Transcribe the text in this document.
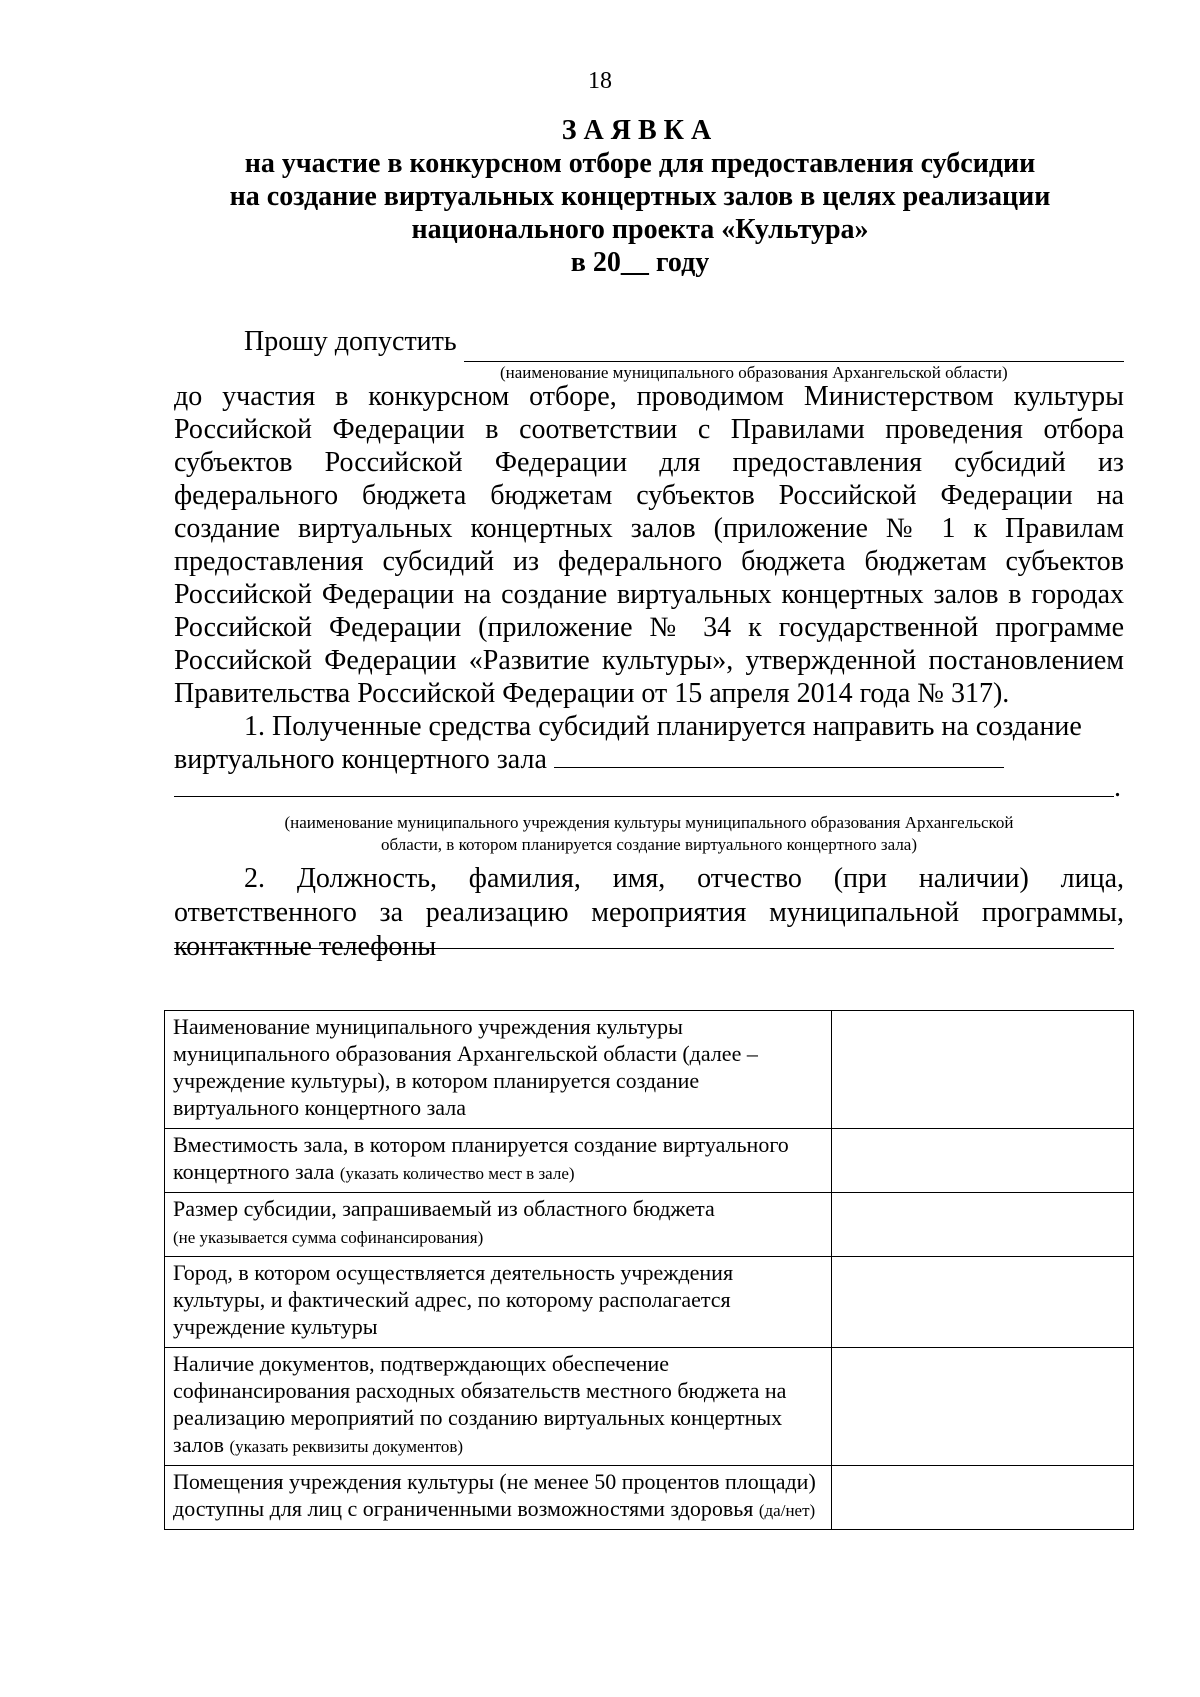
18
ЗАЯВКА
на участие в конкурсном отборе для предоставления субсидии
на создание виртуальных концертных залов в целях реализации
национального проекта «Культура»
в 20__ году
Прошу допустить
(наименование муниципального образования Архангельской области)

до участия в конкурсном отборе, проводимом Министерством культуры Российской Федерации в соответствии с Правилами проведения отбора субъектов Российской Федерации для предоставления субсидий из федерального бюджета бюджетам субъектов Российской Федерации на создание виртуальных концертных залов (приложение № 1 к Правилам предоставления субсидий из федерального бюджета бюджетам субъектов Российской Федерации на создание виртуальных концертных залов в городах Российской Федерации (приложение № 34 к государственной программе Российской Федерации «Развитие культуры», утвержденной постановлением Правительства Российской Федерации от 15 апреля 2014 года № 317).

1. Полученные средства субсидий планируется направить на создание

виртуального концертного зала

.
(наименование муниципального учреждения культуры муниципального образования Архангельской
области, в котором планируется создание виртуального концертного зала)

2. Должность, фамилия, имя, отчество (при наличии) лица, ответственного за реализацию мероприятия муниципальной программы, контактные телефоны

Наименование муниципального учреждения культуры муниципального образования Архангельской области (далее – учреждение культуры), в котором планируется создание виртуального концертного зала	
Вместимость зала, в котором планируется создание виртуального концертного зала (указать количество мест в зале)	
Размер субсидии, запрашиваемый из областного бюджета
(не указывается сумма софинансирования)	
Город, в котором осуществляется деятельность учреждения культуры, и фактический адрес, по которому располагается учреждение культуры	
Наличие документов, подтверждающих обеспечение софинансирования расходных обязательств местного бюджета на реализацию мероприятий по созданию виртуальных концертных залов (указать реквизиты документов)	
Помещения учреждения культуры (не менее 50 процентов площади) доступны для лиц с ограниченными возможностями здоровья (да/нет)	
